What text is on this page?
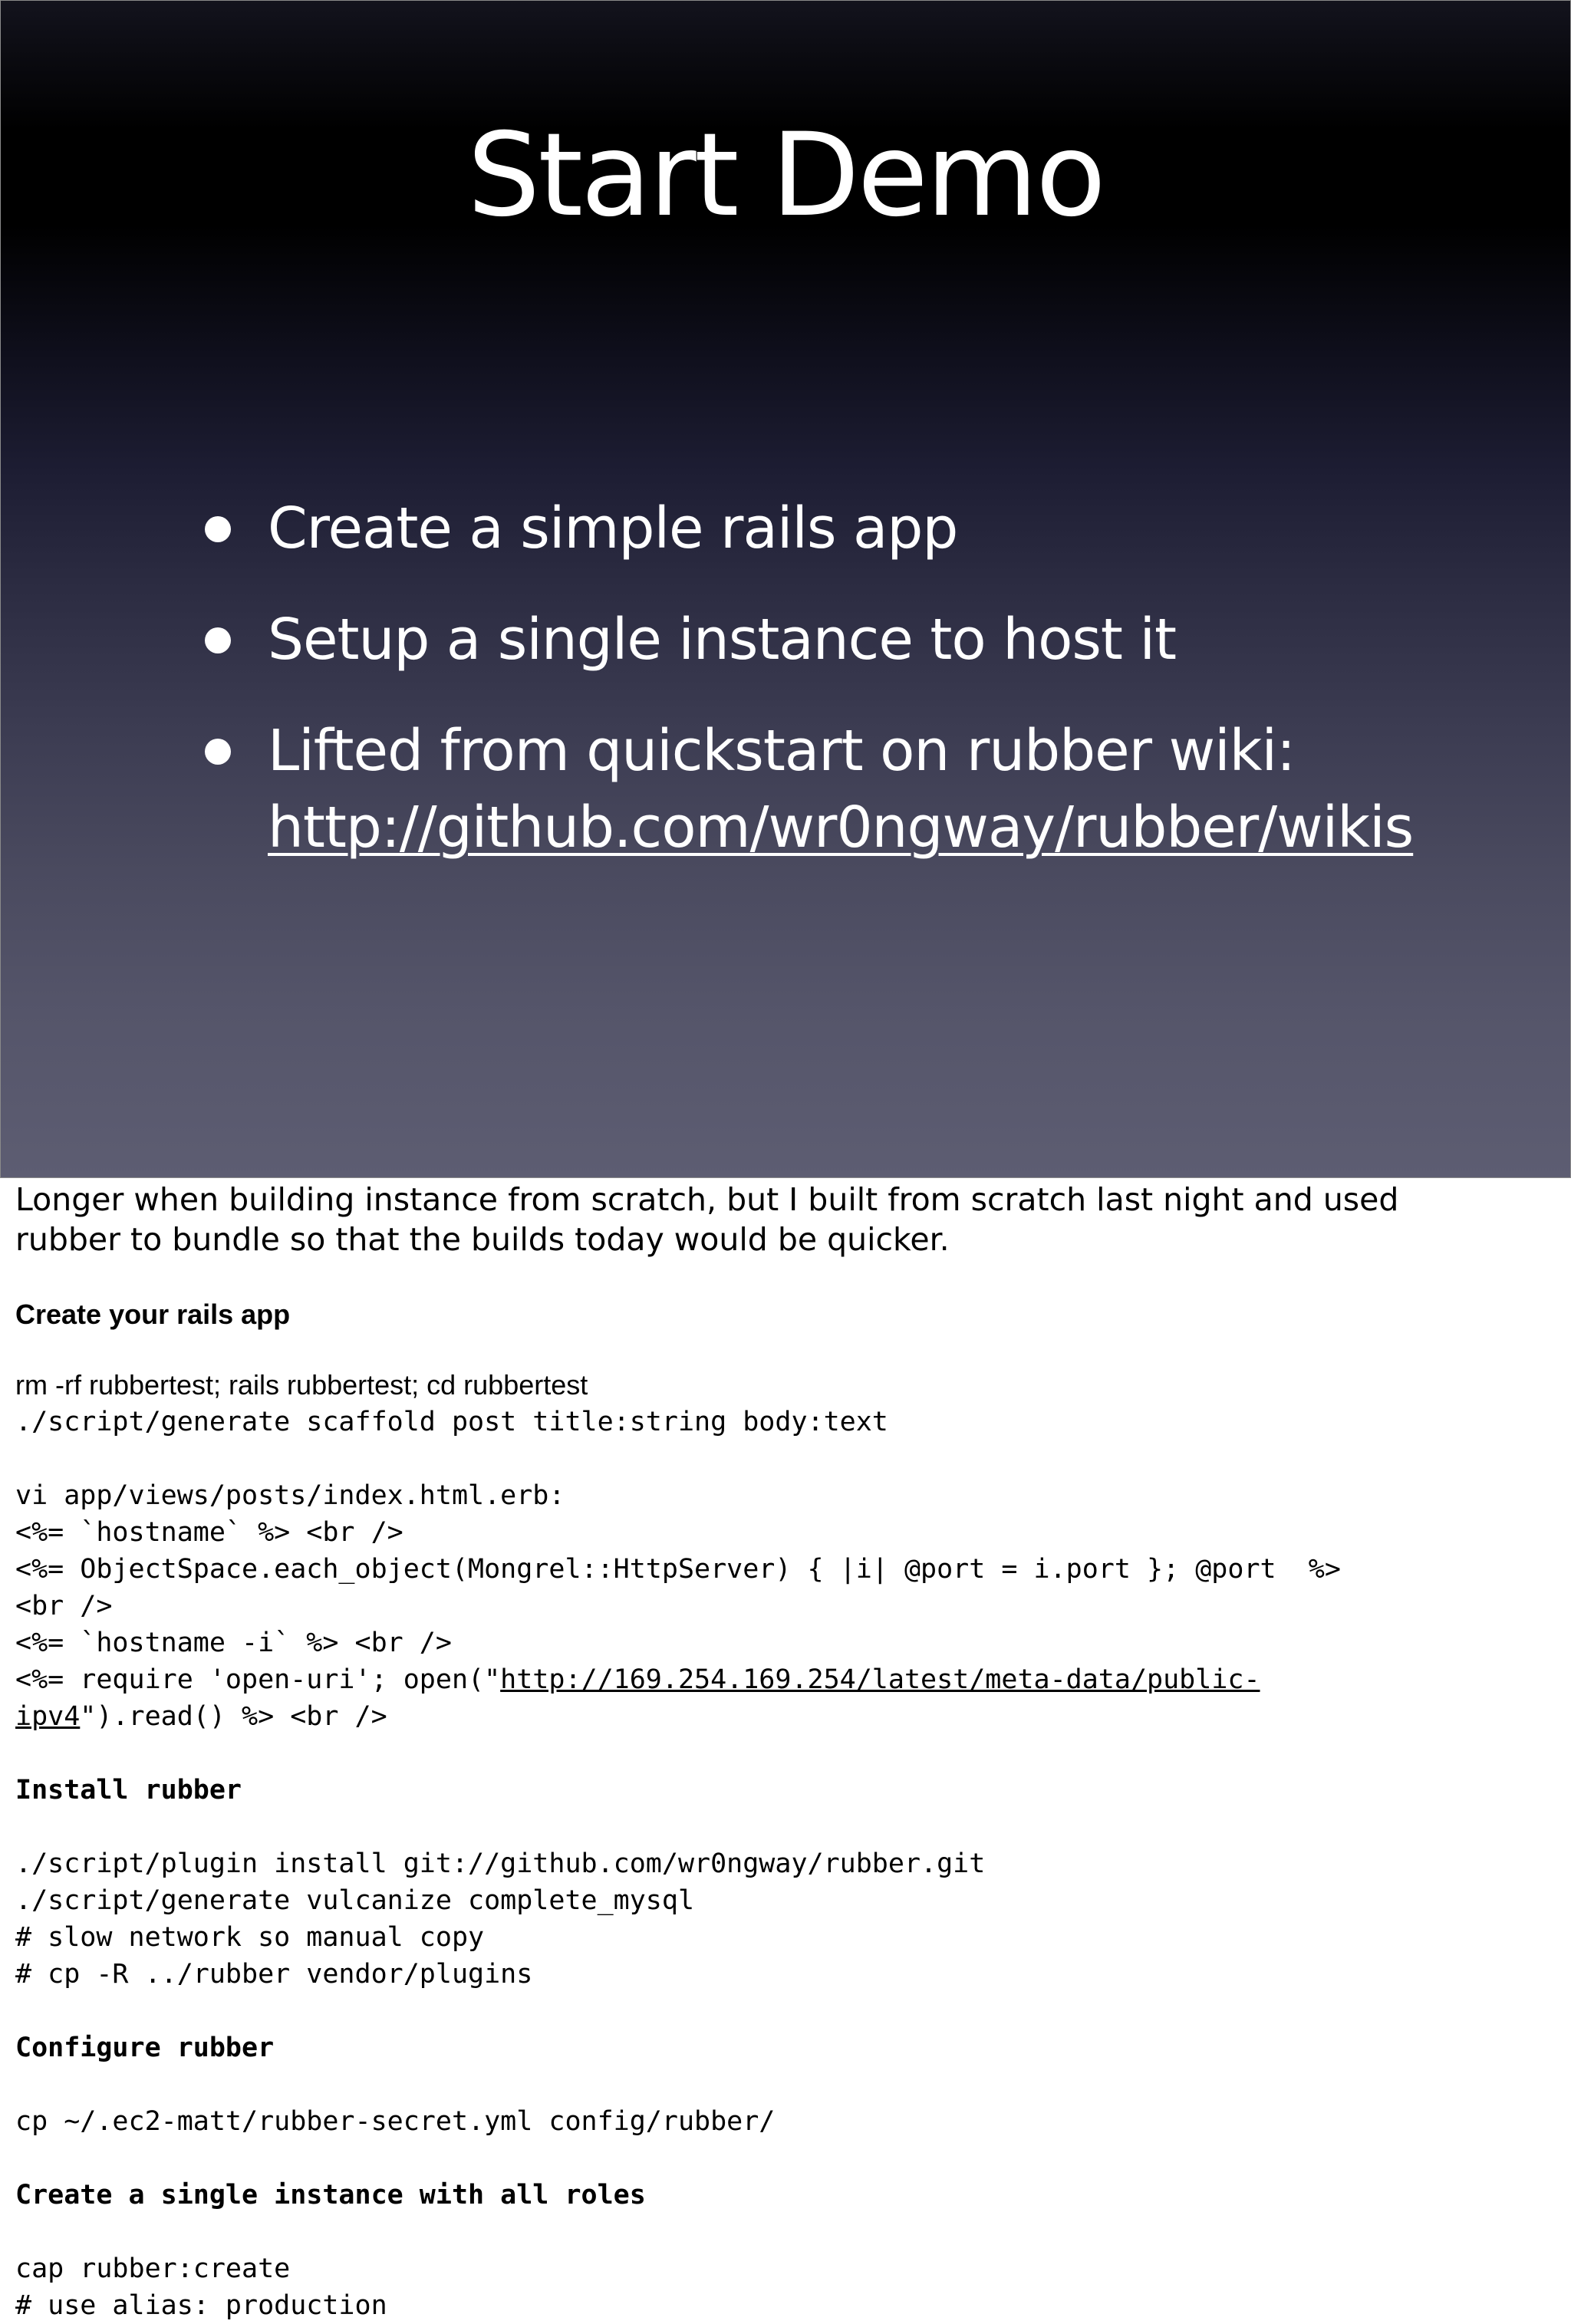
Start Demo
Create a simple rails app
Setup a single instance to host it
Lifted from quickstart on rubber wiki:
http://github.com/wr0ngway/rubber/wikis

Longer when building instance from scratch, but I built from scratch last night and used

rubber to bundle so that the builds today would be quicker.

Create your rails app

rm -rf rubbertest; rails rubbertest; cd rubbertest

./script/generate scaffold post title:string body:text

vi app/views/posts/index.html.erb:

<%= `hostname` %> <br />

<%= ObjectSpace.each_object(Mongrel::HttpServer) { |i| @port = i.port }; @port  %>

<br />

<%= `hostname -i` %> <br />

<%= require 'open-uri'; open("http://169.254.169.254/latest/meta-data/public-

ipv4").read() %> <br />

Install rubber

./script/plugin install git://github.com/wr0ngway/rubber.git

./script/generate vulcanize complete_mysql

# slow network so manual copy

# cp -R ../rubber vendor/plugins

Configure rubber

cp ~/.ec2-matt/rubber-secret.yml config/rubber/

Create a single instance with all roles

cap rubber:create

# use alias: production
